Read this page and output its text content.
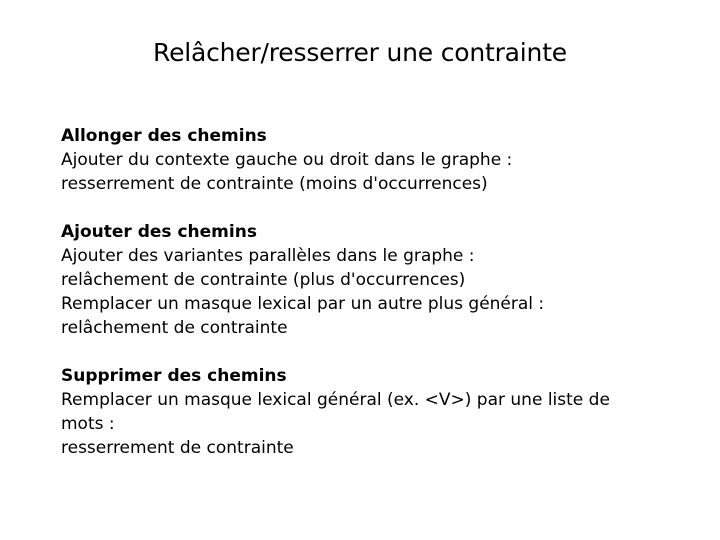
Relâcher/resserrer une contrainte
Allonger des chemins
Ajouter du contexte gauche ou droit dans le graphe :
resserrement de contrainte (moins d'occurrences)
Ajouter des chemins
Ajouter des variantes parallèles dans le graphe :
relâchement de contrainte (plus d'occurrences)
Remplacer un masque lexical par un autre plus général :
relâchement de contrainte
Supprimer des chemins
Remplacer un masque lexical général (ex. <V>) par une liste de
mots :
resserrement de contrainte
